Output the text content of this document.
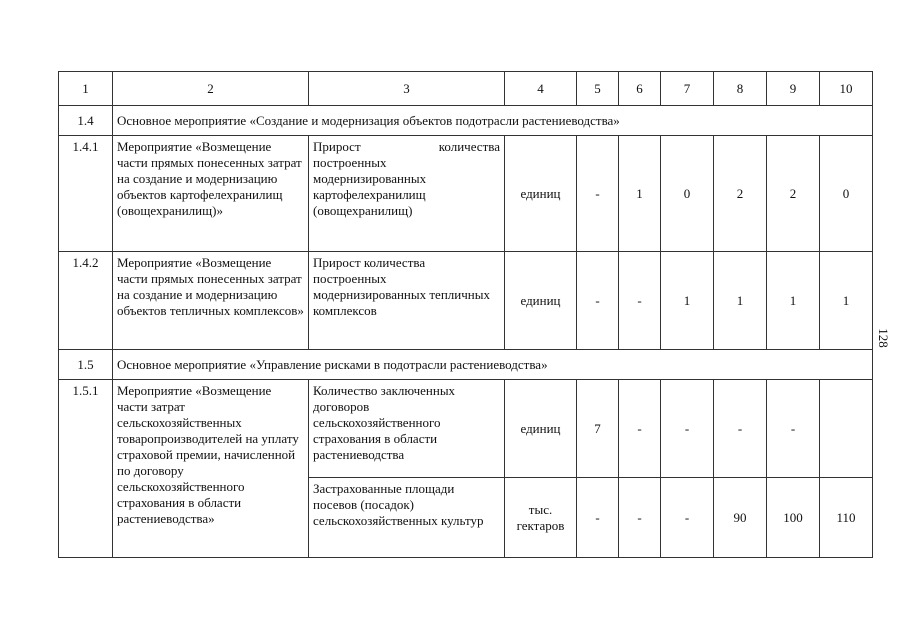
1	2	3	4	5	6	7	8	9	10
1.4	Основное мероприятие «Создание и модернизация объектов подотрасли растениеводства»								
1.4.1	Мероприятие «Возмещение части прямых понесенных затрат на создание и модернизацию объектов картофелехранилищ (овощехранилищ)»	Прирост количества построенных модернизированных картофелехранилищ (овощехранилищ)	единиц	-	1	0	2	2	0
1.4.2	Мероприятие «Возмещение части прямых понесенных затрат на создание и модернизацию объектов тепличных комплексов»	Прирост количества построенных модернизированных тепличных комплексов	единиц	-	-	1	1	1	1
1.5	Основное мероприятие «Управление рисками в подотрасли растениеводства»								
1.5.1	Мероприятие «Возмещение части затрат сельскохозяйственных товаропроизводителей на уплату страховой премии, начисленной по договору сельскохозяйственного страхования в области растениеводства»	Количество заключенных договоров сельскохозяйственного страхования в области растениеводства	единиц	7	-	-	-	-	
		Застрахованные площади посевов (посадок) сельскохозяйственных культур	тыс. гектаров	-	-	-	90	100	110
128
